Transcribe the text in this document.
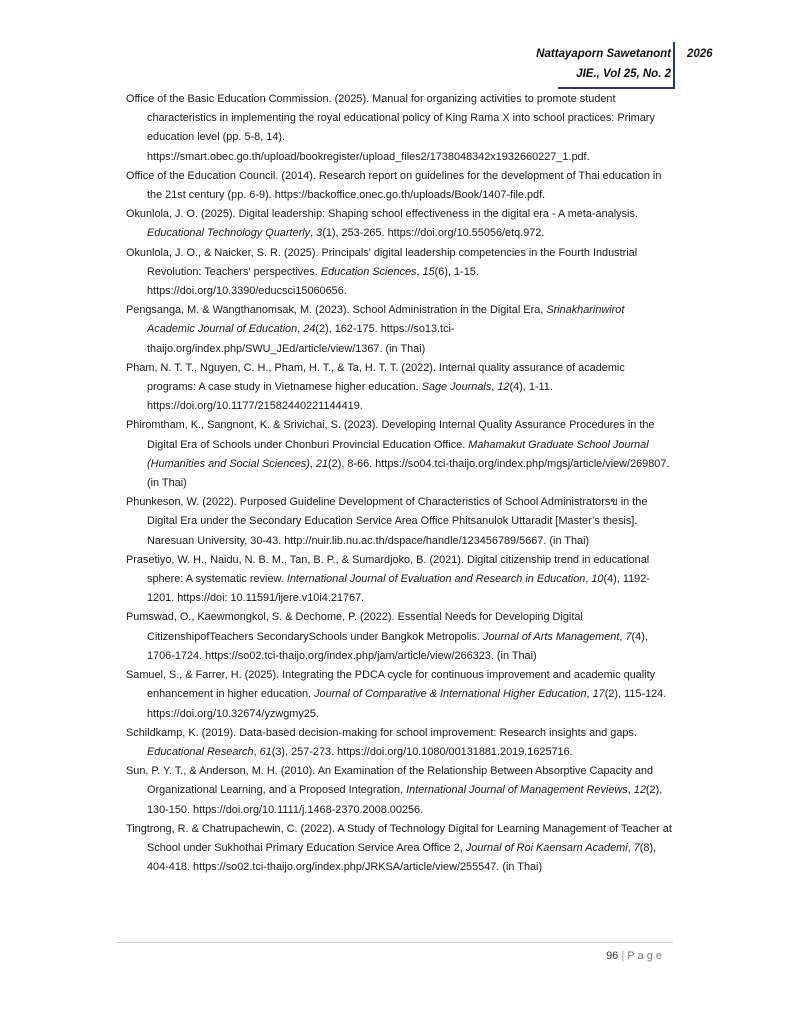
Nattayaporn Sawetanont
JIE., Vol 25, No. 2
2026
Office of the Basic Education Commission. (2025). Manual for organizing activities to promote student characteristics in implementing the royal educational policy of King Rama X into school practices: Primary education level (pp. 5-8, 14). https://smart.obec.go.th/upload/bookregister/upload_files2/1738048342x1932660227_1.pdf.
Office of the Education Council. (2014). Research report on guidelines for the development of Thai education in the 21st century (pp. 6-9). https://backoffice.onec.go.th/uploads/Book/1407-file.pdf.
Okunlola, J. O. (2025). Digital leadership: Shaping school effectiveness in the digital era - A meta-analysis. Educational Technology Quarterly, 3(1), 253-265. https://doi.org/10.55056/etq.972.
Okunlola, J. O., & Naicker, S. R. (2025). Principals' digital leadership competencies in the Fourth Industrial Revolution: Teachers' perspectives. Education Sciences, 15(6), 1-15. https://doi.org/10.3390/educsci15060656.
Pengsanga, M. & Wangthanomsak, M. (2023). School Administration in the Digital Era, Srinakharinwirot Academic Journal of Education, 24(2), 162-175. https://so13.tci-thaijo.org/index.php/SWU_JEd/article/view/1367. (in Thai)
Pham, N. T. T., Nguyen, C. H., Pham, H. T., & Ta, H. T. T. (2022). Internal quality assurance of academic programs: A case study in Vietnamese higher education. Sage Journals, 12(4), 1-11. https://doi.org/10.1177/21582440221144419.
Phiromtham, K., Sangnont, K. & Srivichai, S. (2023). Developing Internal Quality Assurance Procedures in the Digital Era of Schools under Chonburi Provincial Education Office. Mahamakut Graduate School Journal (Humanities and Social Sciences), 21(2), 8-66. https://so04.tci-thaijo.org/index.php/mgsj/article/view/269807. (in Thai)
Phunkeson, W. (2022). Purposed Guideline Development of Characteristics of School Administratorsข in the Digital Era under the Secondary Education Service Area Office Phitsanulok Uttaradit [Master’s thesis]. Naresuan University, 30-43. http://nuir.lib.nu.ac.th/dspace/handle/123456789/5667. (in Thai)
Prasetiyo, W. H., Naidu, N. B. M., Tan, B. P., & Sumardjoko, B. (2021). Digital citizenship trend in educational sphere: A systematic review. International Journal of Evaluation and Research in Education, 10(4), 1192-1201. https://doi: 10.11591/ijere.v10i4.21767.
Pumswad, O., Kaewmongkol, S. & Dechome, P. (2022). Essential Needs for Developing Digital CitizenshipofTeachers SecondarySchools under Bangkok Metropolis. Journal of Arts Management, 7(4), 1706-1724. https://so02.tci-thaijo.org/index.php/jam/article/view/266323. (in Thai)
Samuel, S., & Farrer, H. (2025). Integrating the PDCA cycle for continuous improvement and academic quality enhancement in higher education. Journal of Comparative & International Higher Education, 17(2), 115-124. https://doi.org/10.32674/yzwgmy25.
Schildkamp, K. (2019). Data-based decision-making for school improvement: Research insights and gaps. Educational Research, 61(3), 257-273. https://doi.org/10.1080/00131881.2019.1625716.
Sun, P. Y. T., & Anderson, M. H. (2010). An Examination of the Relationship Between Absorptive Capacity and Organizational Learning, and a Proposed Integration, International Journal of Management Reviews, 12(2), 130-150. https://doi.org/10.1111/j.1468-2370.2008.00256.
Tingtrong, R. & Chatrupachewin, C. (2022). A Study of Technology Digital for Learning Management of Teacher at School under Sukhothai Primary Education Service Area Office 2, Journal of Roi Kaensarn Academi, 7(8), 404-418. https://so02.tci-thaijo.org/index.php/JRKSA/article/view/255547. (in Thai)
96 | Page
